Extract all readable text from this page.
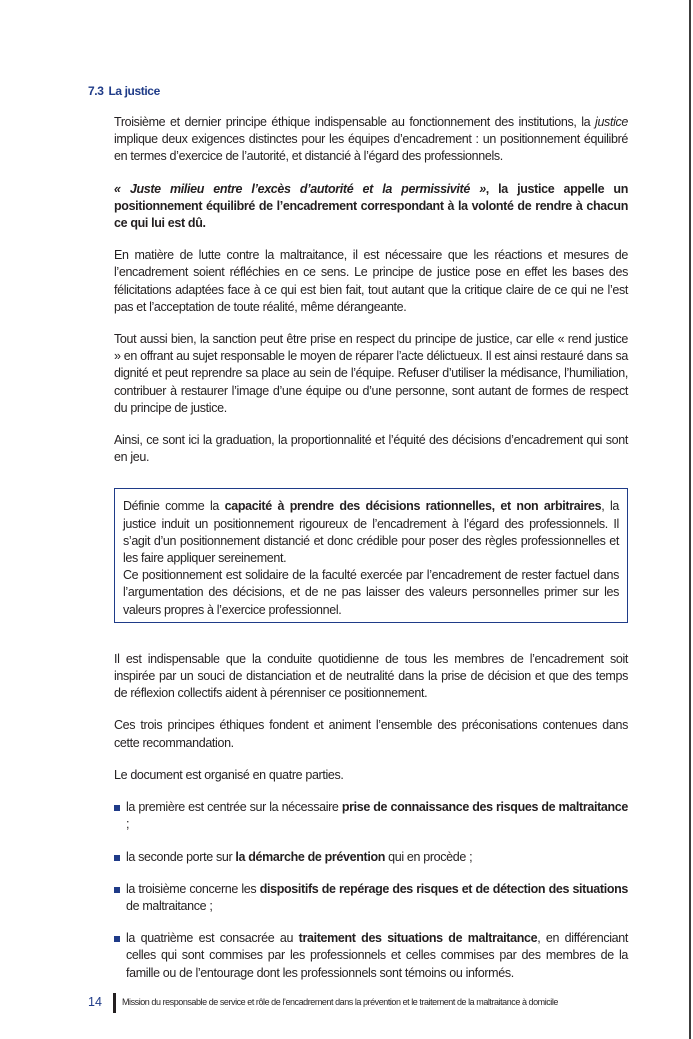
7.3 La justice

Troisième et dernier principe éthique indispensable au fonctionnement des institutions, la justice implique deux exigences distinctes pour les équipes d’encadrement : un positionnement équilibré en termes d’exercice de l’autorité, et distancié à l’égard des professionnels.

« Juste milieu entre l’excès d’autorité et la permissivité », la justice appelle un positionnement équilibré de l’encadrement correspondant à la volonté de rendre à chacun ce qui lui est dû.

En matière de lutte contre la maltraitance, il est nécessaire que les réactions et mesures de l’encadrement soient réfléchies en ce sens. Le principe de justice pose en effet les bases des félicitations adaptées face à ce qui est bien fait, tout autant que la critique claire de ce qui ne l’est pas et l’acceptation de toute réalité, même dérangeante.

Tout aussi bien, la sanction peut être prise en respect du principe de justice, car elle « rend justice » en offrant au sujet responsable le moyen de réparer l’acte délictueux. Il est ainsi restauré dans sa dignité et peut reprendre sa place au sein de l’équipe. Refuser d’utiliser la médisance, l’humiliation, contribuer à restaurer l’image d’une équipe ou d’une personne, sont autant de formes de respect du principe de justice.

Ainsi, ce sont ici la graduation, la proportionnalité et l’équité des décisions d’encadrement qui sont en jeu.

Définie comme la capacité à prendre des décisions rationnelles, et non arbitraires, la justice induit un positionnement rigoureux de l’encadrement à l’égard des professionnels. Il s’agit d’un positionnement distancié et donc crédible pour poser des règles professionnelles et les faire appliquer sereinement.

Ce positionnement est solidaire de la faculté exercée par l’encadrement de rester factuel dans l’argumentation des décisions, et de ne pas laisser des valeurs personnelles primer sur les valeurs propres à l’exercice professionnel.

Il est indispensable que la conduite quotidienne de tous les membres de l’encadrement soit inspirée par un souci de distanciation et de neutralité dans la prise de décision et que des temps de réflexion collectifs aident à pérenniser ce positionnement.

Ces trois principes éthiques fondent et animent l’ensemble des préconisations contenues dans cette recommandation.

Le document est organisé en quatre parties.

la première est centrée sur la nécessaire prise de connaissance des risques de maltraitance ;
la seconde porte sur la démarche de prévention qui en procède ;
la troisième concerne les dispositifs de repérage des risques et de détection des situations de maltraitance ;
la quatrième est consacrée au traitement des situations de maltraitance, en différenciant celles qui sont commises par les professionnels et celles commises par des membres de la famille ou de l’entourage dont les professionnels sont témoins ou informés.
14 Mission du responsable de service et rôle de l’encadrement dans la prévention et le traitement de la maltraitance à domicile
